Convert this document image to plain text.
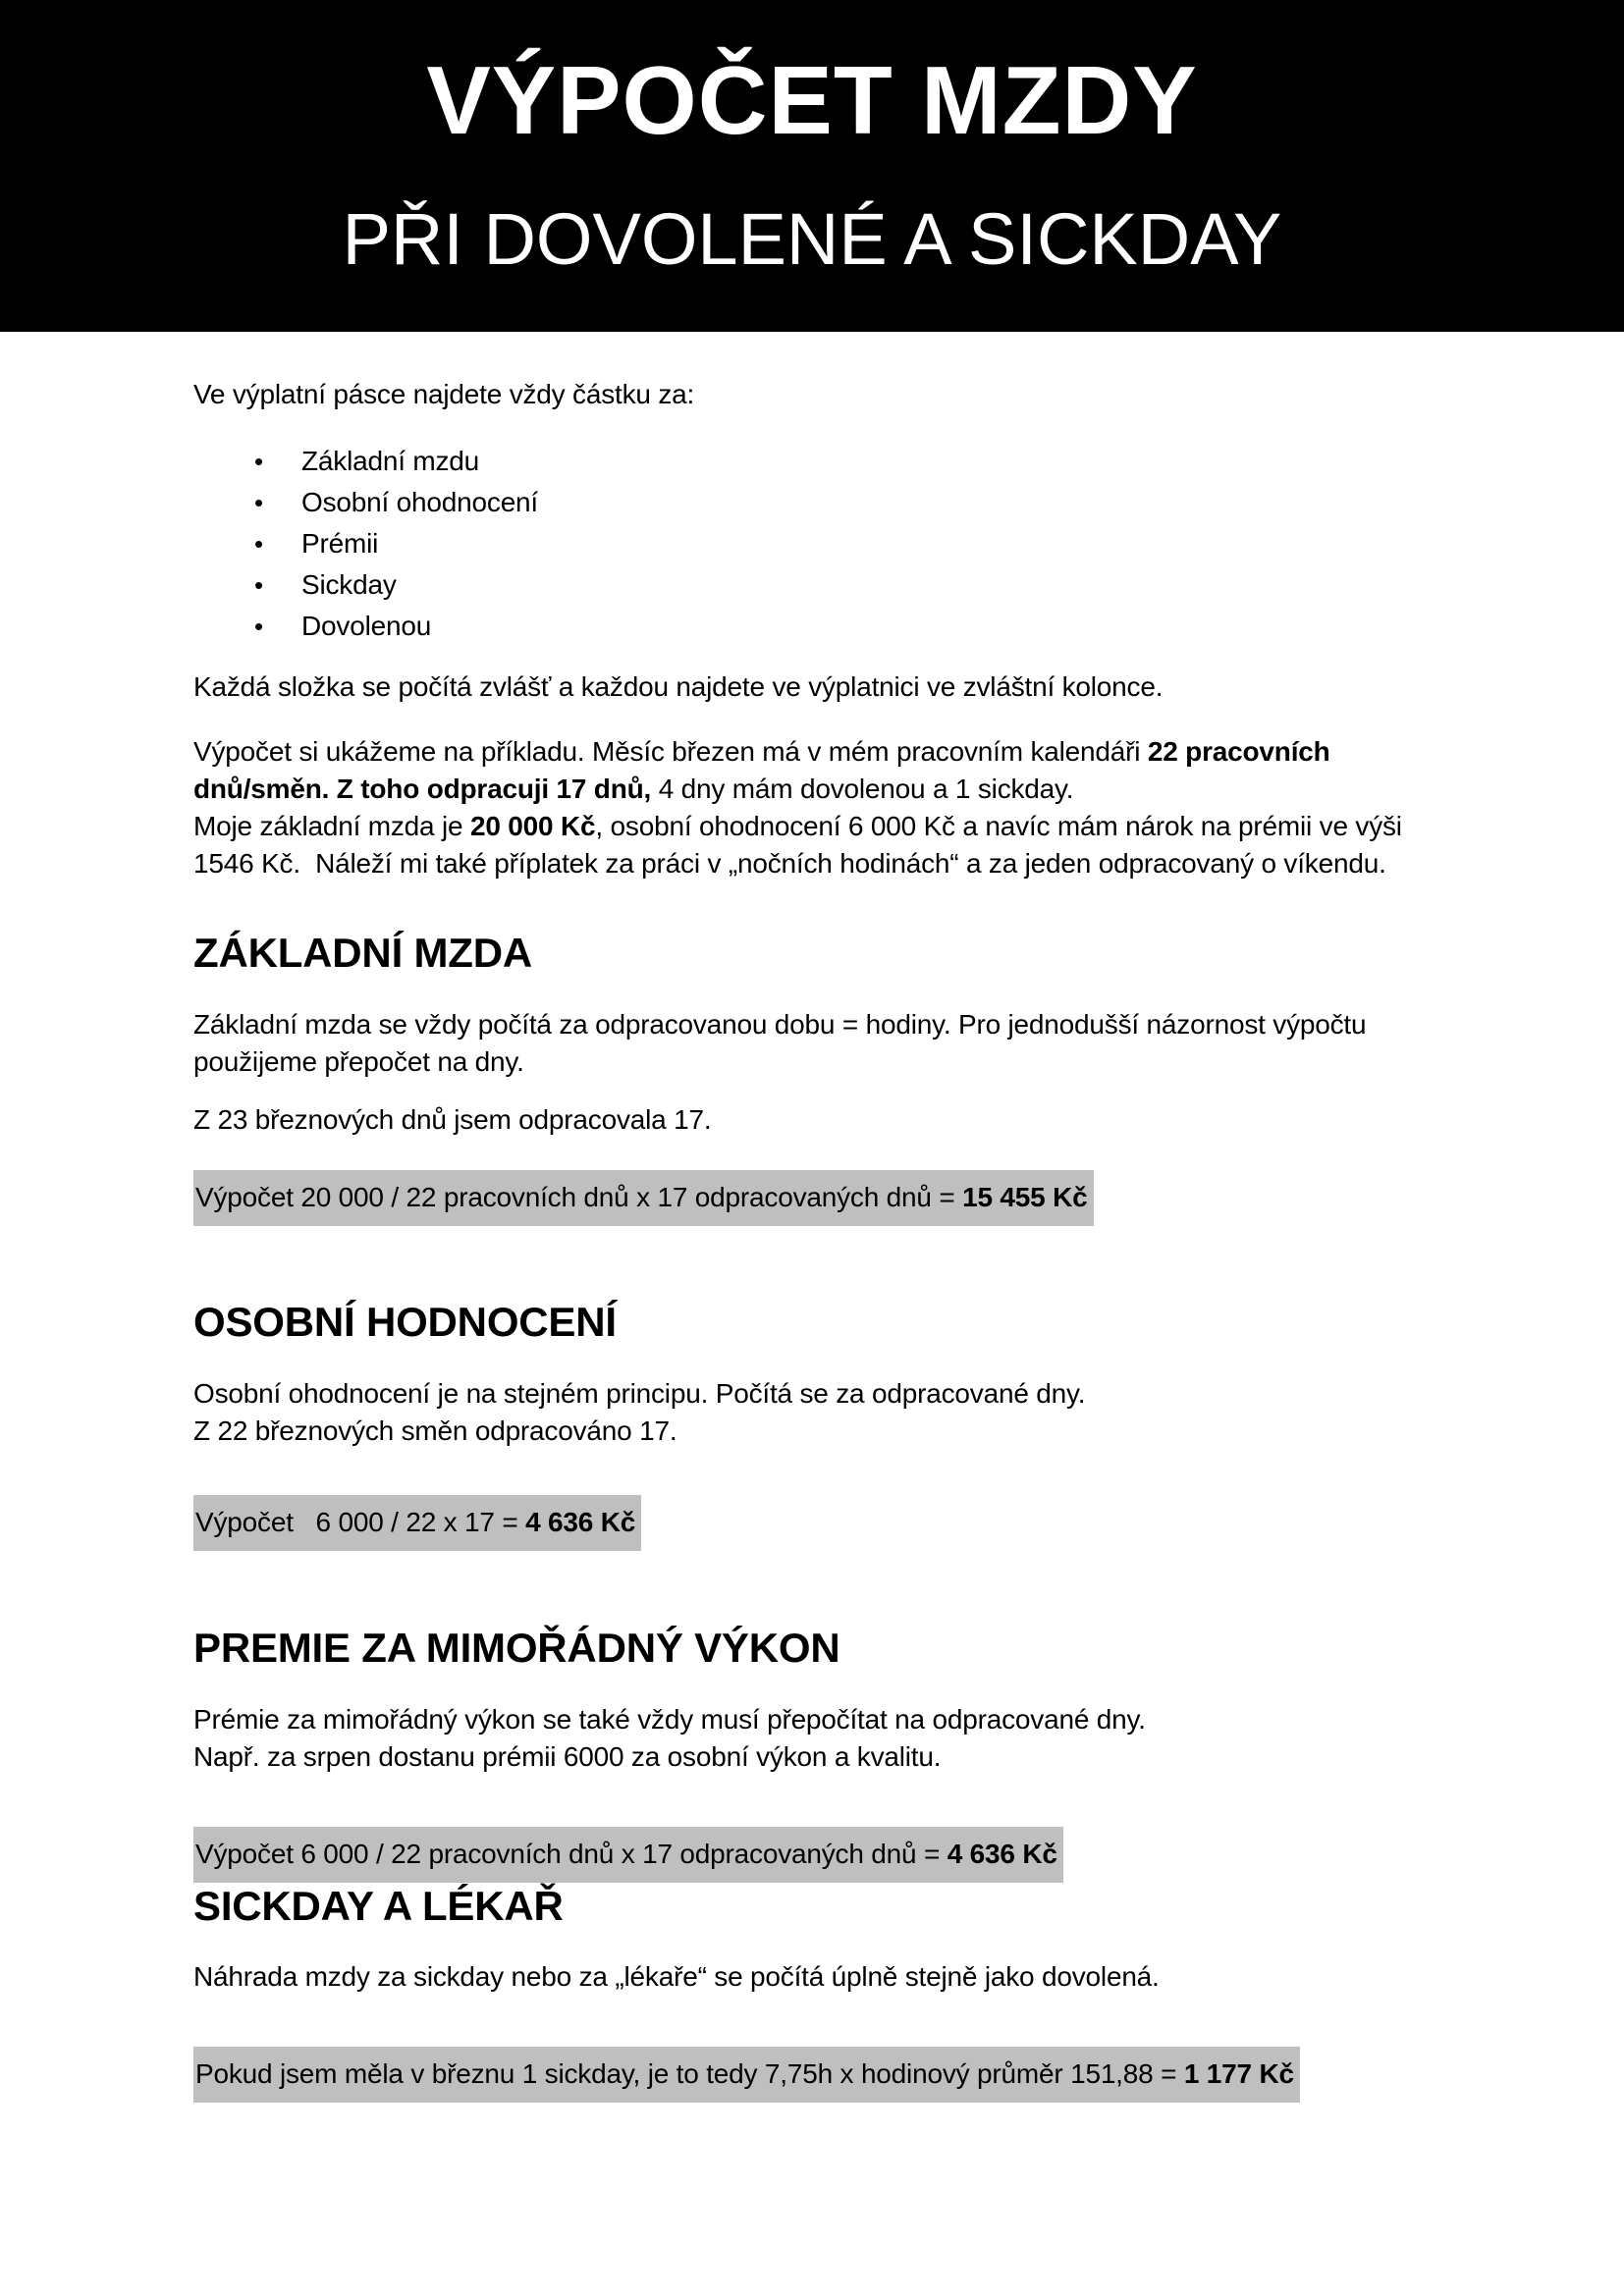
VÝPOČET MZDY
PŘI DOVOLENÉ A SICKDAY

Ve výplatní pásce najdete vždy částku za:

• Základní mzdu
• Osobní ohodnocení
• Prémii
• Sickday
• Dovolenou

Každá složka se počítá zvlášť a každou najdete ve výplatnici ve zvláštní kolonce.

Výpočet si ukážeme na příkladu. Měsíc březen má v mém pracovním kalendáři 22 pracovních
dnů/směn. Z toho odpracuji 17 dnů, 4 dny mám dovolenou a 1 sickday.
Moje základní mzda je 20 000 Kč, osobní ohodnocení 6 000 Kč a navíc mám nárok na prémii ve výši
1546 Kč.  Náleží mi také příplatek za práci v „nočních hodinách“ a za jeden odpracovaný o víkendu.
ZÁKLADNÍ MZDA
Základní mzda se vždy počítá za odpracovanou dobu = hodiny. Pro jednodušší názornost výpočtu
použijeme přepočet na dny.

Z 23 březnových dnů jsem odpracovala 17.

Výpočet 20 000 / 22 pracovních dnů x 17 odpracovaných dnů = 15 455 Kč
OSOBNÍ HODNOCENÍ
Osobní ohodnocení je na stejném principu. Počítá se za odpracované dny.
Z 22 březnových směn odpracováno 17.
Výpočet   6 000 / 22 x 17 = 4 636 Kč
PREMIE ZA MIMOŘÁDNÝ VÝKON
Prémie za mimořádný výkon se také vždy musí přepočítat na odpracované dny.
Např. za srpen dostanu prémii 6000 za osobní výkon a kvalitu.
Výpočet 6 000 / 22 pracovních dnů x 17 odpracovaných dnů = 4 636 Kč
SICKDAY A LÉKAŘ
Náhrada mzdy za sickday nebo za „lékaře“ se počítá úplně stejně jako dovolená.
Pokud jsem měla v březnu 1 sickday, je to tedy 7,75h x hodinový průměr 151,88 = 1 177 Kč
